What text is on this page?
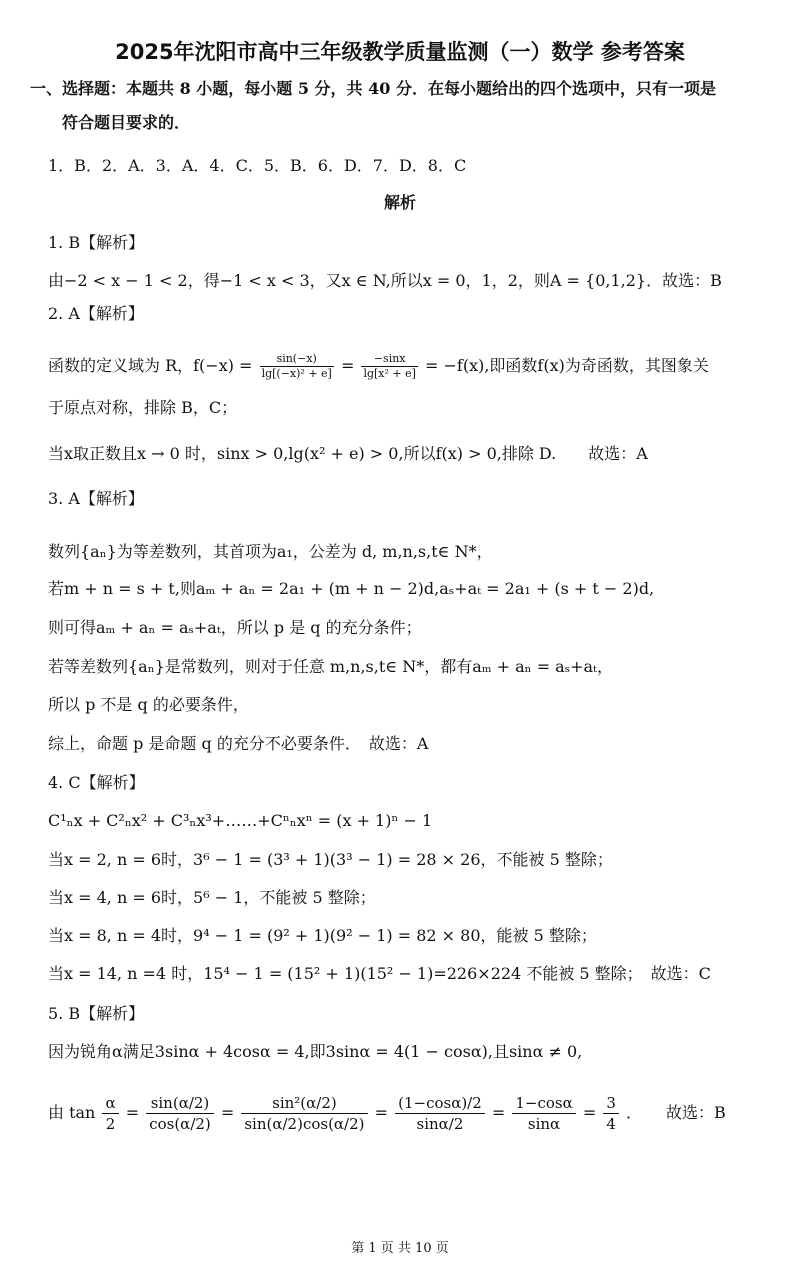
2025年沈阳市高中三年级教学质量监测（一）数学 参考答案
一、选择题：本题共 8 小题，每小题 5 分，共 40 分．在每小题给出的四个选项中，只有一项是
符合题目要求的．
1．B．2．A．3．A．4．C．5．B．6．D．7．D．8．C
解析
1. B【解析】
由−2 < x − 1 < 2，得−1 < x < 3，又x ∈ N,所以x = 0，1，2，则A = {0,1,2}．故选：B
2. A【解析】
函数的定义域为 R，$f(-x) = \frac{\sin(-x)}{\text{lg[(−x)² + e]}} = \frac{-\sin x}{\text{lg[x² + e]}} = -f(x)$,即函数f(x)为奇函数，其图象关
于原点对称，排除 B，C；
当x取正数且x → 0 时，sinx > 0,lg(x² + e) > 0,所以f(x) > 0,排除 D.　　故选：A
3. A【解析】
数列{aₙ}为等差数列，其首项为a₁，公差为 d, m,n,s,t∈ N*，
若m + n = s + t,则aₘ + aₙ = 2a₁ + (m + n − 2)d,aₛ+aₜ = 2a₁ + (s + t − 2)d,
则可得aₘ + aₙ = aₛ+aₜ，所以 p 是 q 的充分条件；
若等差数列{aₙ}是常数列，则对于任意 m,n,s,t∈ N*，都有aₘ + aₙ = aₛ+aₜ，
所以 p 不是 q 的必要条件，
综上，命题 p 是命题 q 的充分不必要条件．　故选：A
4. C【解析】
C¹ₙx + C²ₙx² + C³ₙx³+……+Cⁿₙxⁿ = (x + 1)ⁿ − 1
当x = 2, n = 6时，3⁶ − 1 = (3³ + 1)(3³ − 1) = 28 × 26，不能被 5 整除；
当x = 4, n = 6时，5⁶ − 1，不能被 5 整除；
当x = 8, n = 4时，9⁴ − 1 = (9² + 1)(9² − 1) = 82 × 80，能被 5 整除；
当x = 14, n =4 时，15⁴ − 1 = (15² + 1)(15² − 1)=226×224 不能被 5 整除；　故选：C
5. B【解析】
因为锐角α满足3sinα + 4cosα = 4,即3sinα = 4(1 − cosα),且sinα ≠ 0,
由 $\tan \frac{\alpha}{2} = \frac{\sin(\alpha/2)}{\cos(\alpha/2)} = \frac{\text{sin²(α/2)}}{\sin(\alpha/2)\cos(\alpha/2)} = \frac{(1-\cos\alpha)/2}{\sin\alpha/2} = \frac{1-\cos\alpha}{\sin\alpha} = \frac{3}{4}$ ．　　故选：B
第 1 页 共 10 页
